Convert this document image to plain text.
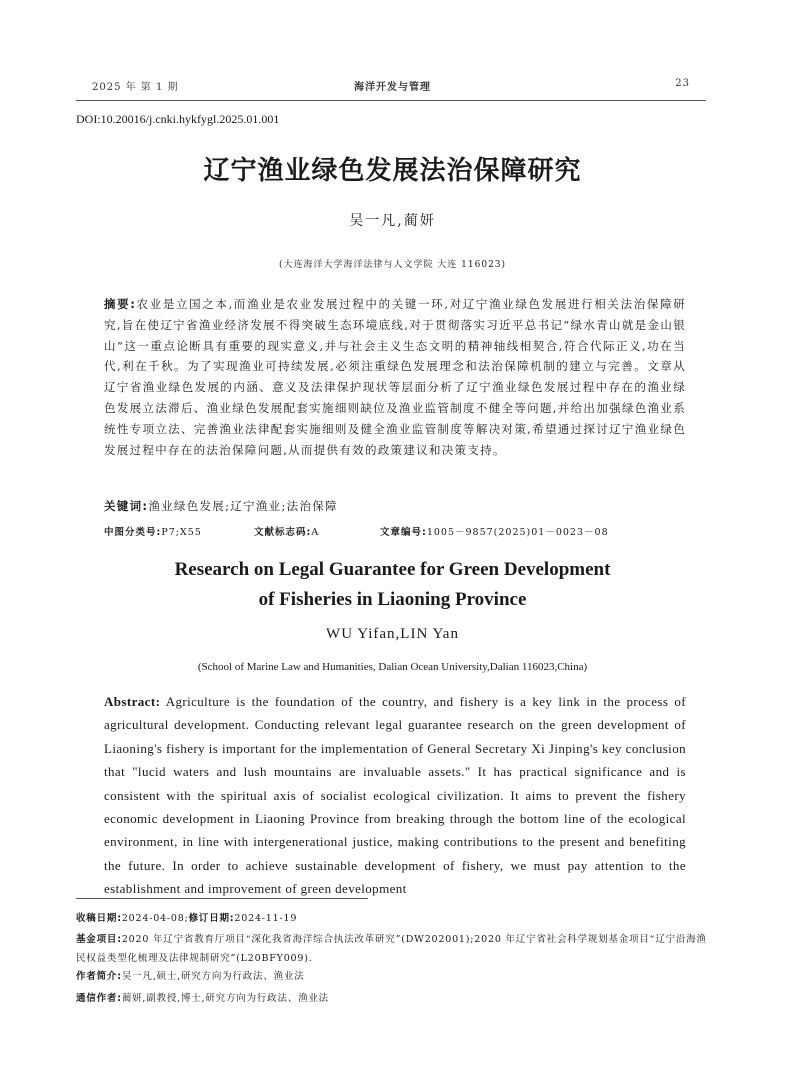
2025 年 第 1 期	海洋开发与管理	23
DOI:10.20016/j.cnki.hykfygl.2025.01.001
辽宁渔业绿色发展法治保障研究
吴一凡,蔺妍
(大连海洋大学海洋法律与人文学院 大连 116023)
摘要:农业是立国之本,而渔业是农业发展过程中的关键一环,对辽宁渔业绿色发展进行相关法治保障研究,旨在使辽宁省渔业经济发展不得突破生态环境底线,对于贯彻落实习近平总书记“绿水青山就是金山银山”这一重点论断具有重要的现实意义,并与社会主义生态文明的精神轴线相契合,符合代际正义,功在当代,利在千秋。为了实现渔业可持续发展,必须注重绿色发展理念和法治保障机制的建立与完善。文章从辽宁省渔业绿色发展的内涵、意义及法律保护现状等层面分析了辽宁渔业绿色发展过程中存在的渔业绿色发展立法滞后、渔业绿色发展配套实施细则缺位及渔业监管制度不健全等问题,并给出加强绿色渔业系统性专项立法、完善渔业法律配套实施细则及健全渔业监管制度等解决对策,希望通过探讨辽宁渔业绿色发展过程中存在的法治保障问题,从而提供有效的政策建议和决策支持。
关键词:渔业绿色发展;辽宁渔业;法治保障
中图分类号:P7;X55	文献标志码:A	文章编号:1005－9857(2025)01－0023－08
Research on Legal Guarantee for Green Development
of Fisheries in Liaoning Province
WU Yifan,LIN Yan
(School of Marine Law and Humanities, Dalian Ocean University,Dalian 116023,China)
Abstract: Agriculture is the foundation of the country, and fishery is a key link in the process of agricultural development. Conducting relevant legal guarantee research on the green development of Liaoning's fishery is important for the implementation of General Secretary Xi Jinping's key conclusion that "lucid waters and lush mountains are invaluable assets." It has practical significance and is consistent with the spiritual axis of socialist ecological civilization. It aims to prevent the fishery economic development in Liaoning Province from breaking through the bottom line of the ecological environment, in line with intergenerational justice, making contributions to the present and benefiting the future. In order to achieve sustainable development of fishery, we must pay attention to the establishment and improvement of green development
收稿日期:2024-04-08;修订日期:2024-11-19
基金项目:2020 年辽宁省教育厅项目“深化我省海洋综合执法改革研究”(DW202001);2020 年辽宁省社会科学规划基金项目“辽宁沿海渔民权益类型化梳理及法律规制研究”(L20BFY009).
作者简介:吴一凡,硕士,研究方向为行政法、渔业法
通信作者:蔺妍,副教授,博士,研究方向为行政法、渔业法
